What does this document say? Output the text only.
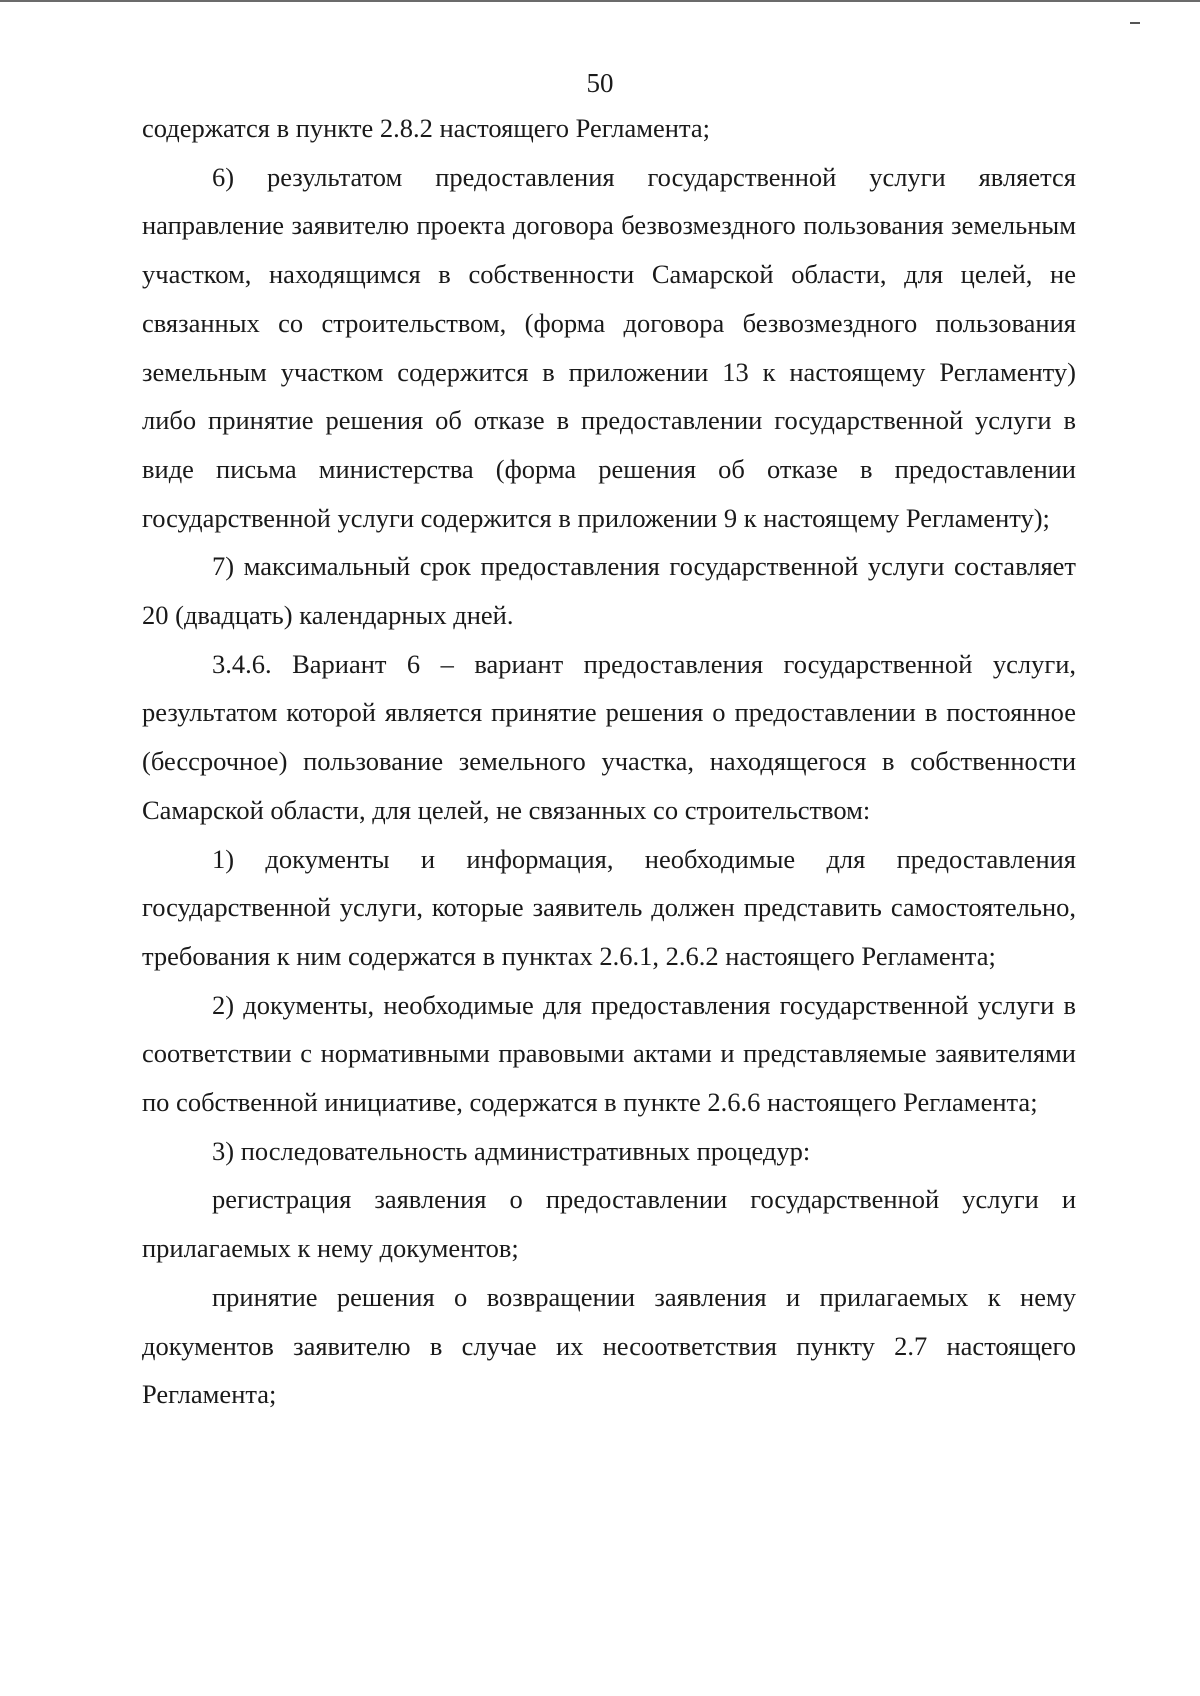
50

содержатся в пункте 2.8.2 настоящего Регламента;

6) результатом предоставления государственной услуги является направление заявителю проекта договора безвозмездного пользования земельным участком, находящимся в собственности Самарской области, для целей, не связанных со строительством, (форма договора безвозмездного пользования земельным участком содержится в приложении 13 к настоящему Регламенту) либо принятие решения об отказе в предоставлении государственной услуги в виде письма министерства (форма решения об отказе в предоставлении государственной услуги содержится в приложении 9 к настоящему Регламенту);

7) максимальный срок предоставления государственной услуги составляет 20 (двадцать) календарных дней.

3.4.6. Вариант 6 – вариант предоставления государственной услуги, результатом которой является принятие решения о предоставлении в постоянное (бессрочное) пользование земельного участка, находящегося в собственности Самарской области, для целей, не связанных со строительством:

1) документы и информация, необходимые для предоставления государственной услуги, которые заявитель должен представить самостоятельно, требования к ним содержатся в пунктах 2.6.1, 2.6.2 настоящего Регламента;

2) документы, необходимые для предоставления государственной услуги в соответствии с нормативными правовыми актами и представляемые заявителями по собственной инициативе, содержатся в пункте 2.6.6 настоящего Регламента;

3) последовательность административных процедур:

регистрация заявления о предоставлении государственной услуги и прилагаемых к нему документов;

принятие решения о возвращении заявления и прилагаемых к нему документов заявителю в случае их несоответствия пункту 2.7 настоящего Регламента;
